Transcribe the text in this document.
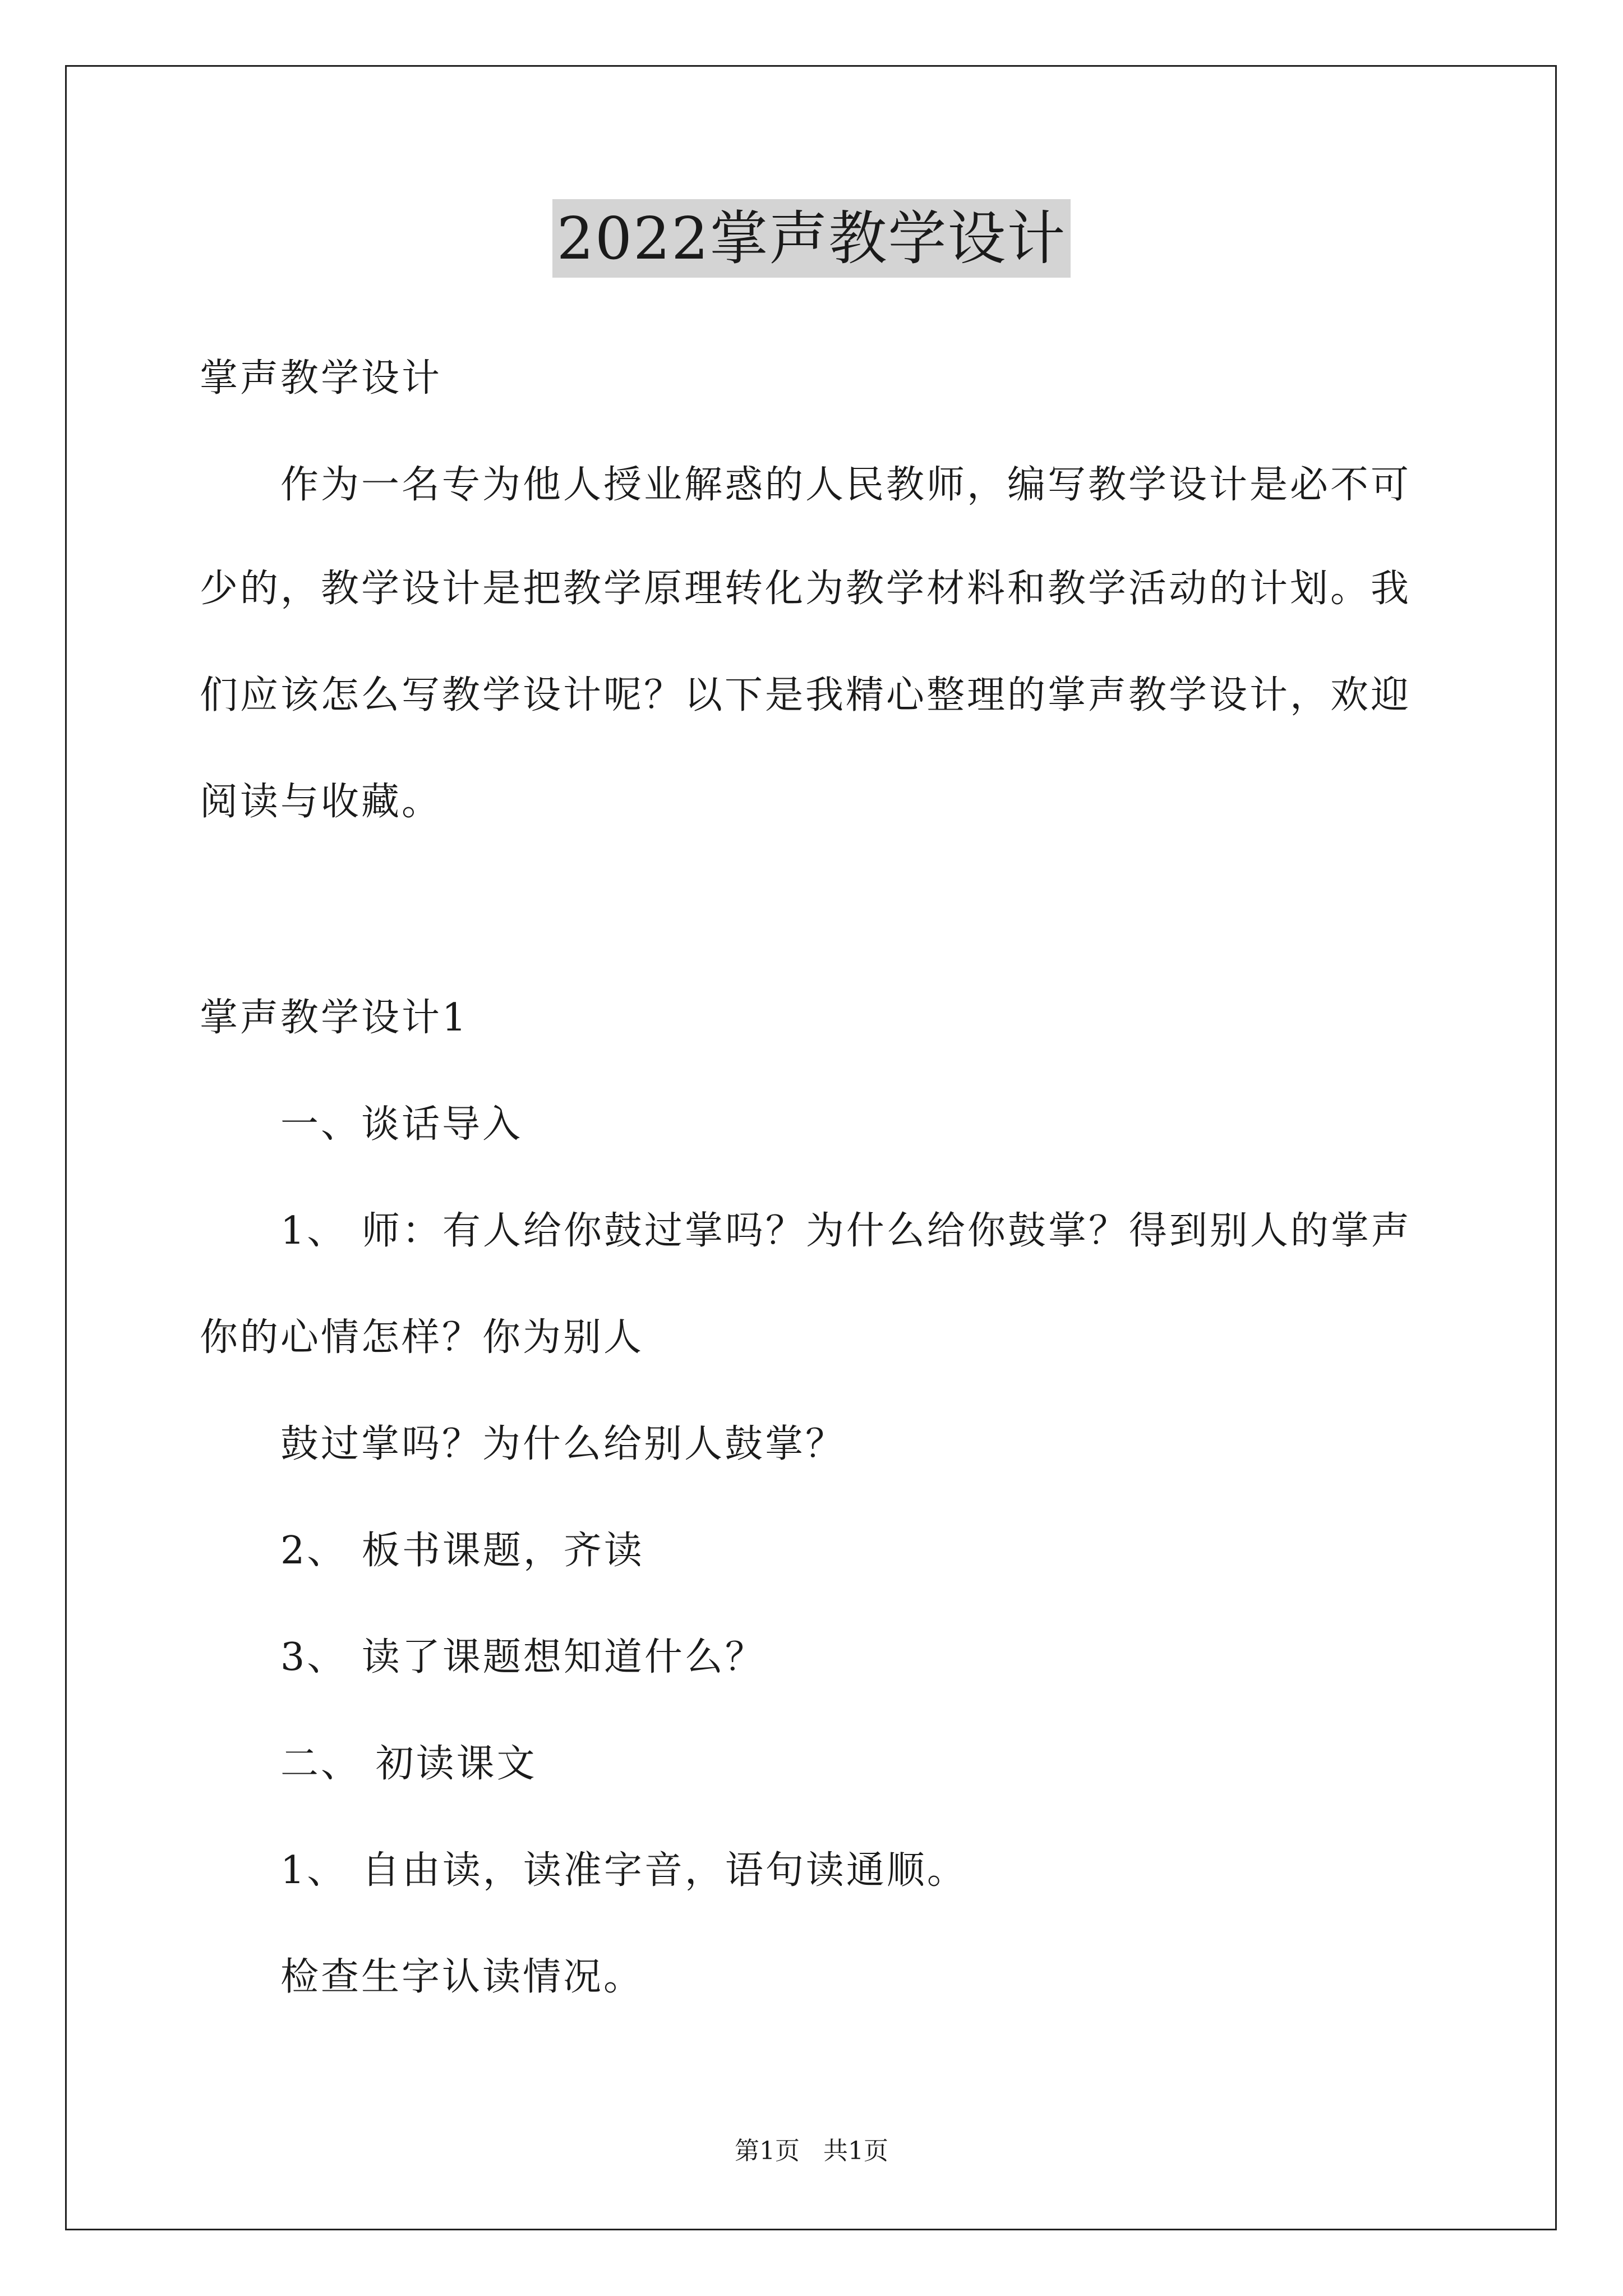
2022掌声教学设计
掌声教学设计
作为一名专为他人授业解惑的人民教师，编写教学设计是必不可
少的，教学设计是把教学原理转化为教学材料和教学活动的计划。我
们应该怎么写教学设计呢？以下是我精心整理的掌声教学设计，欢迎
阅读与收藏。
掌声教学设计1
一、谈话导入
1、 师：有人给你鼓过掌吗？为什么给你鼓掌？得到别人的掌声
你的心情怎样？你为别人
鼓过掌吗？为什么给别人鼓掌？
2、 板书课题，齐读
3、 读了课题想知道什么？
二、 初读课文
1、 自由读，读准字音，语句读通顺。
检查生字认读情况。
第1页 共1页
